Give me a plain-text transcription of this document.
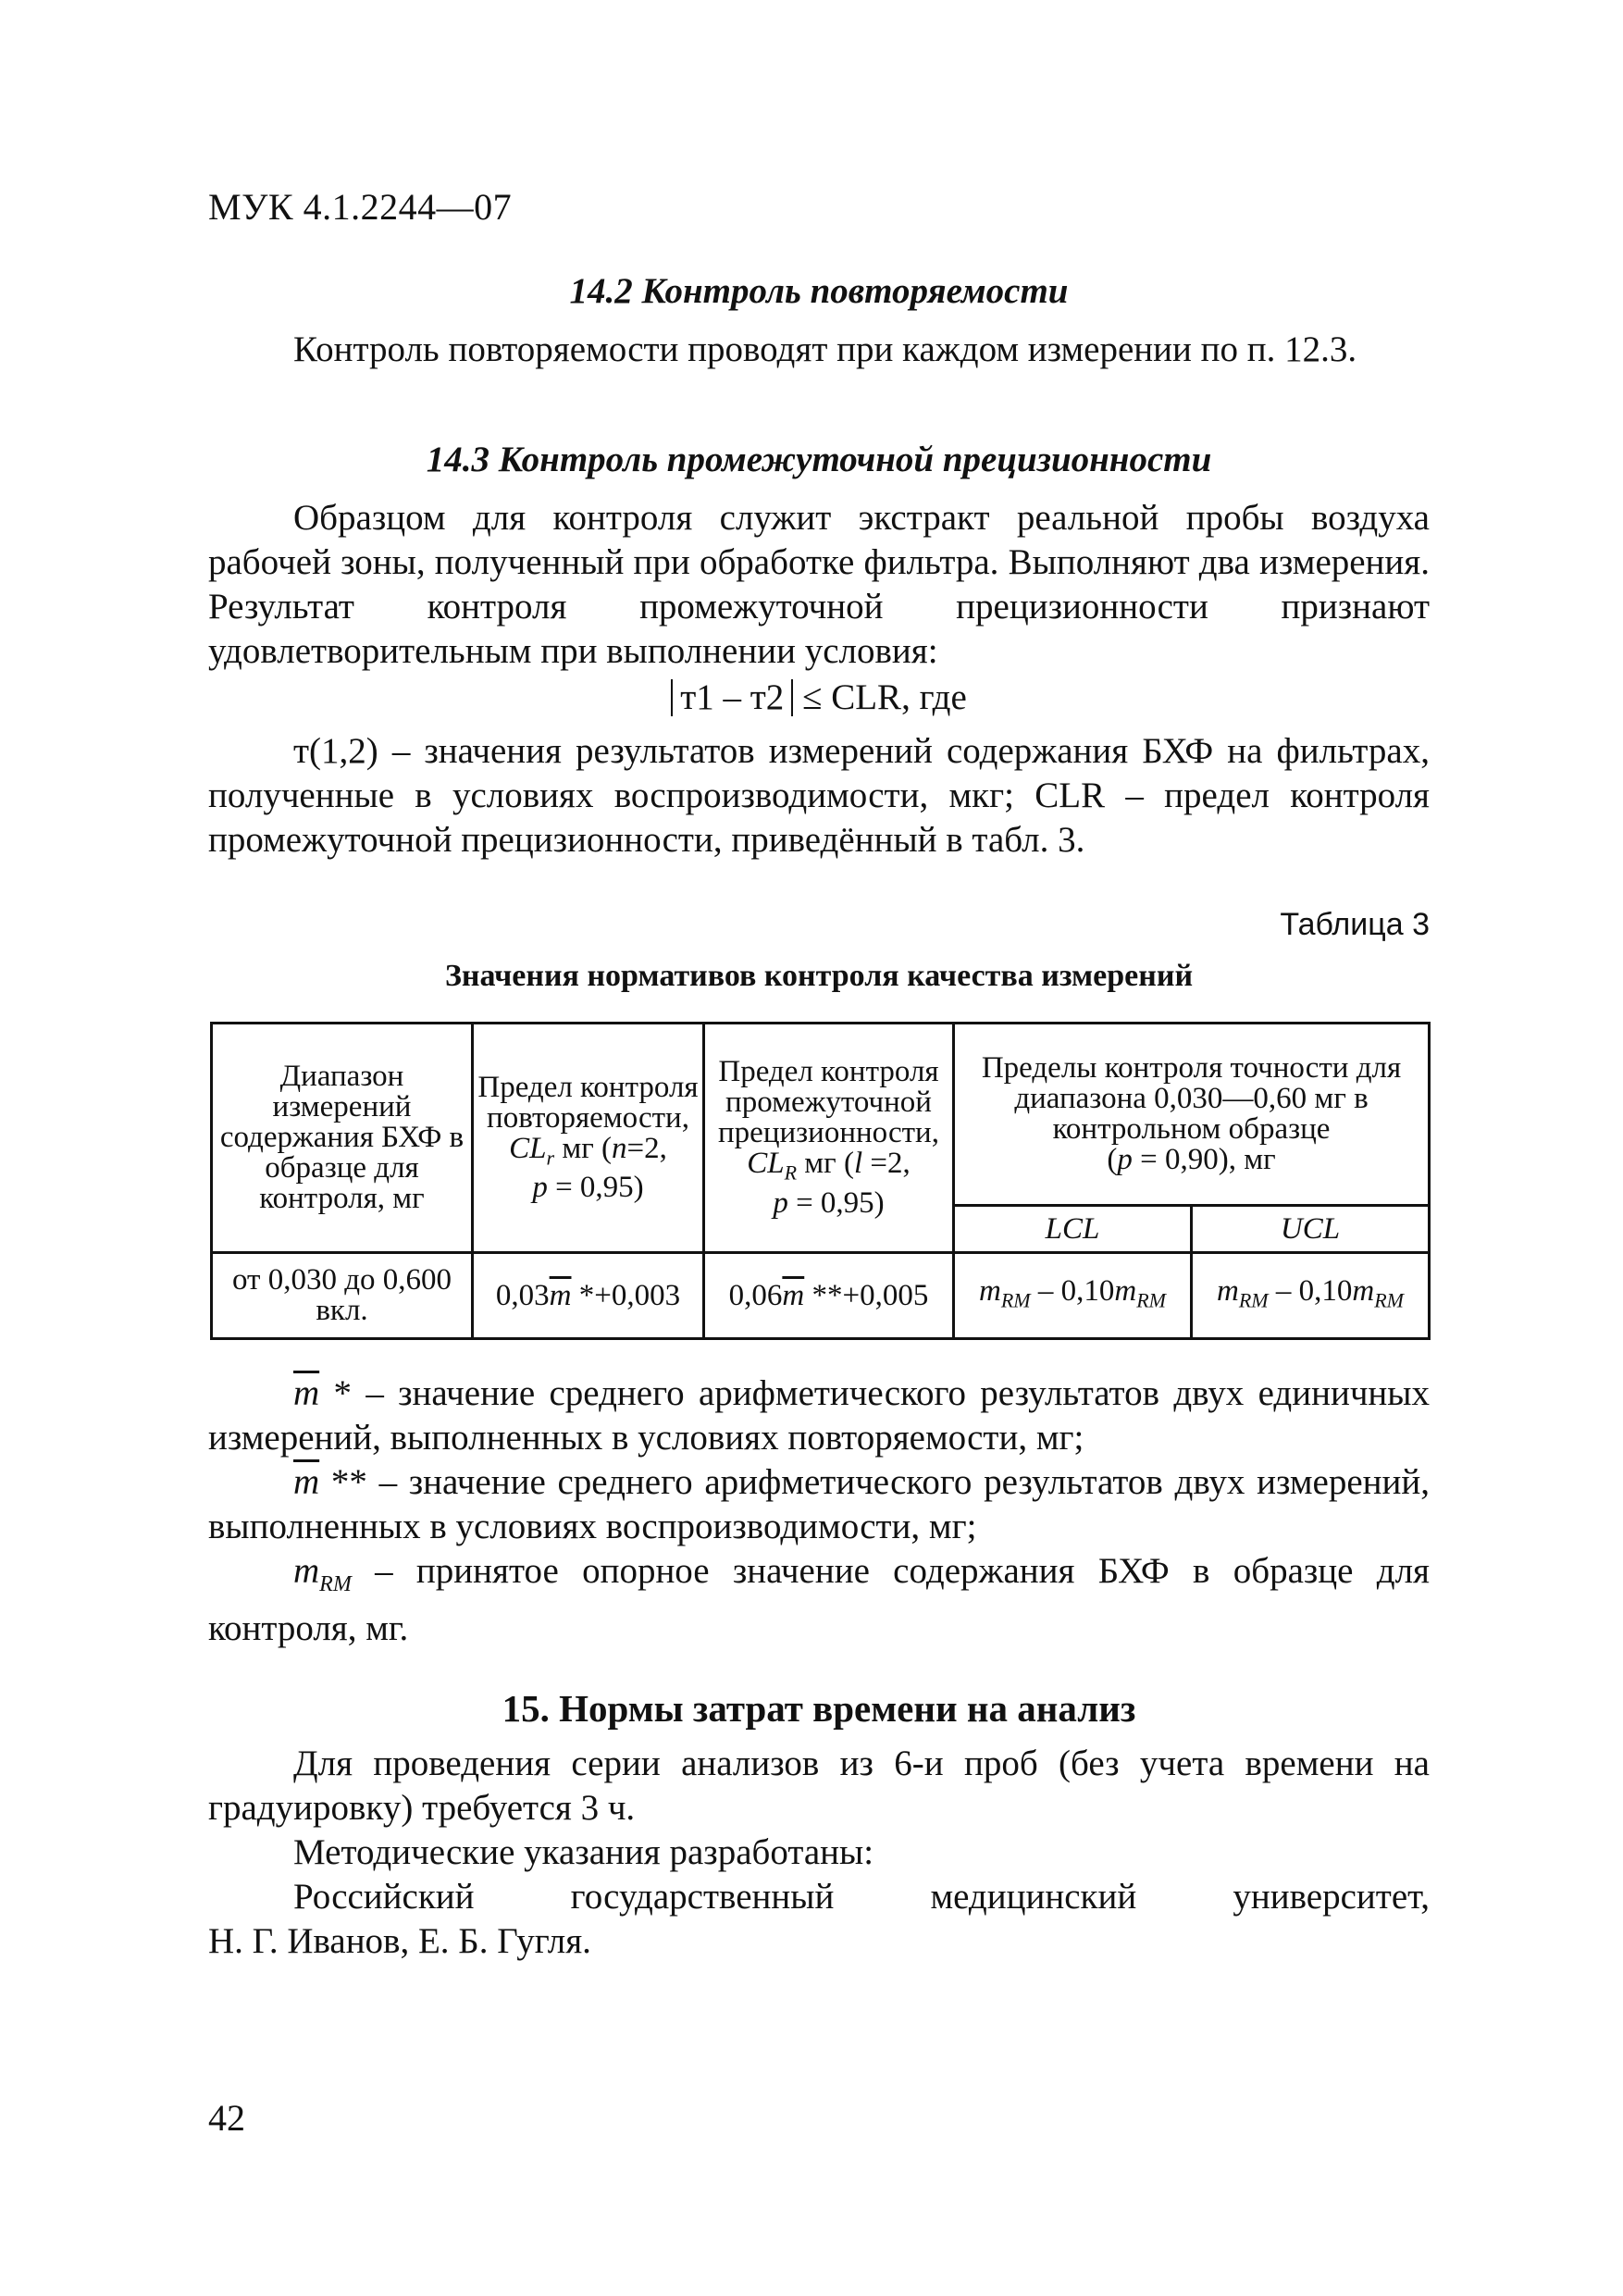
МУК 4.1.2244—07

14.2 Контроль повторяемости

Контроль повторяемости проводят при каждом измерении по п. 12.3.

14.3 Контроль промежуточной прецизионности

Образцом для контроля служит экстракт реальной пробы воздуха рабочей зоны, полученный при обработке фильтра. Выполняют два измерения. Результат контроля промежуточной прецизионности признают удовлетворительным при выполнении условия:

т1 – т2 ≤ CLR, где

т(1,2) – значения результатов измерений содержания БХФ на фильтрах, полученные в условиях воспроизводимости, мкг; CLR – предел контроля промежуточной прецизионности, приведённый в табл. 3.

Таблица 3
Значения нормативов контроля качества измерений
Диапазон измерений содержания БХФ в образце для контроля, мг	Предел контроля повторяемости,
$CL_r$ мг (n=2,
p = 0,95)	Предел контроля промежуточной прецизионности,
$CL_R$ мг (l =2,
p = 0,95)	Пределы контроля точности для диапазона 0,030—0,60 мг в контрольном образце
(p = 0,90), мг	
			LCL	UCL
от 0,030 до 0,600 вкл.	$0,03\overline{m}$ *+0,003	$0,06\overline{m}$ **+0,005	$m_{RM} - 0,10m_{RM}$	$m_{RM} - 0,10m_{RM}$

$\overline{m}$ * – значение среднего арифметического результатов двух единичных измерений, выполненных в условиях повторяемости, мг;

$\overline{m}$ ** – значение среднего арифметического результатов двух измерений, выполненных в условиях воспроизводимости, мг;

$m_{RM}$ – принятое опорное значение содержания БХФ в образце для контроля, мг.

15. Нормы затрат времени на анализ

Для проведения серии анализов из 6-и проб (без учета времени на градуировку) требуется 3 ч.

Методические указания разработаны:

Российский	государственный	медицинский	университет,

Н. Г. Иванов, Е. Б. Гугля.

42
